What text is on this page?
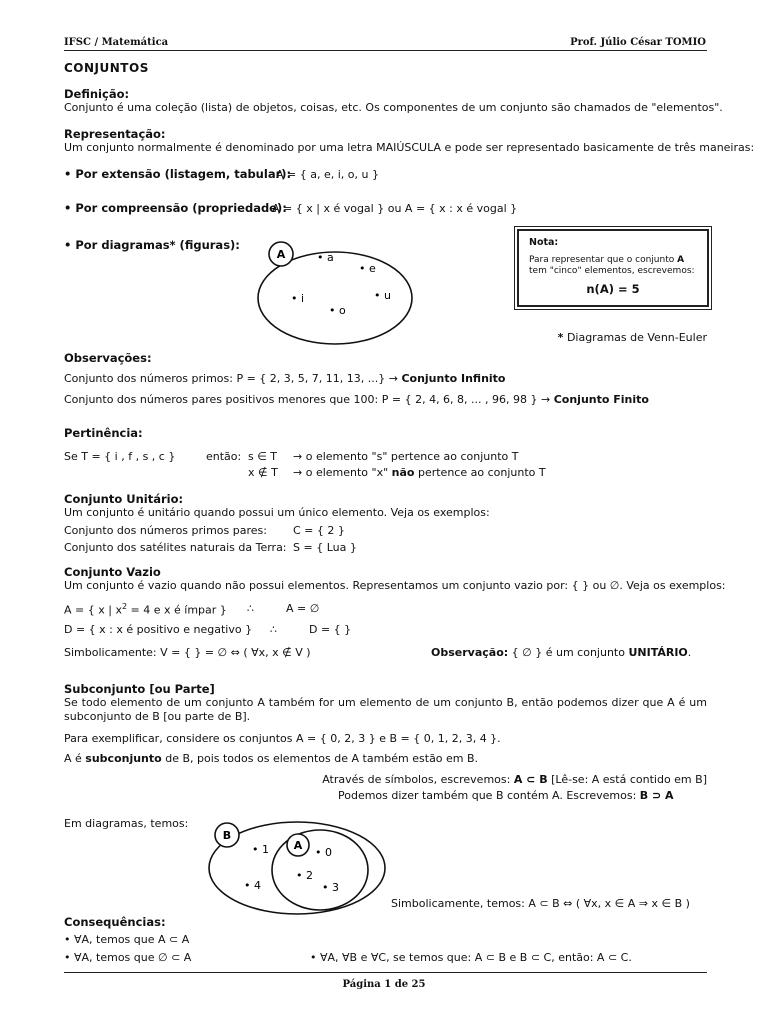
IFSC / Matemática	Prof. Júlio César TOMIO
CONJUNTOS
Definição:
Conjunto é uma coleção (lista) de objetos, coisas, etc. Os componentes de um conjunto são chamados de "elementos".
Representação:
Um conjunto normalmente é denominado por uma letra MAIÚSCULA e pode ser representado basicamente de três maneiras:
• Por extensão (listagem, tabular):
A = { a, e, i, o, u }
• Por compreensão (propriedade):
A = { x | x é vogal } ou A = { x : x é vogal }
• Por diagramas* (figuras):
A	• a
• e
• i	• u
• o
Nota:
Para representar que o conjunto A
tem "cinco" elementos, escrevemos:
n(A) = 5
* Diagramas de Venn-Euler
Observações:
Conjunto dos números primos: P = { 2, 3, 5, 7, 11, 13, ...} → Conjunto Infinito
Conjunto dos números pares positivos menores que 100: P = { 2, 4, 6, 8, ... , 96, 98 } → Conjunto Finito
Pertinência:
Se T = { i , f , s , c }	então: s ∈ T → o elemento "s" pertence ao conjunto T
x ∉ T → o elemento "x" não pertence ao conjunto T
Conjunto Unitário:
Um conjunto é unitário quando possui um único elemento. Veja os exemplos:
Conjunto dos números primos pares: C = { 2 }
Conjunto dos satélites naturais da Terra: S = { Lua }
Conjunto Vazio
Um conjunto é vazio quando não possui elementos. Representamos um conjunto vazio por: { } ou ∅. Veja os exemplos:
A = { x | $x^2 = 4$ e x é ímpar } ∴	A = ∅
D = { x : x é positivo e negativo } ∴	D = { }
Simbolicamente: V = { } = ∅ ⇔ ( ∀x, x ∉ V )	Observação: { ∅ } é um conjunto UNITÁRIO.
Subconjunto [ou Parte]
Se todo elemento de um conjunto A também for um elemento de um conjunto B, então podemos dizer que A é um subconjunto de B [ou parte de B].
Para exemplificar, considere os conjuntos A = { 0, 2, 3 } e B = { 0, 1, 2, 3, 4 }.
A é subconjunto de B, pois todos os elementos de A também estão em B.
Através de símbolos, escrevemos: A ⊂ B [Lê-se: A está contido em B]
Podemos dizer também que B contém A. Escrevemos: B ⊃ A
Em diagramas, temos:
B
A
• 1
• 4
• 0
• 2
• 3
Simbolicamente, temos: A ⊂ B ⇔ ( ∀x, x ∈ A ⇒ x ∈ B )
Consequências:
• ∀A, temos que A ⊂ A
• ∀A, temos que ∅ ⊂ A	• ∀A, ∀B e ∀C, se temos que: A ⊂ B e B ⊂ C, então: A ⊂ C.
Página 1 de 25
